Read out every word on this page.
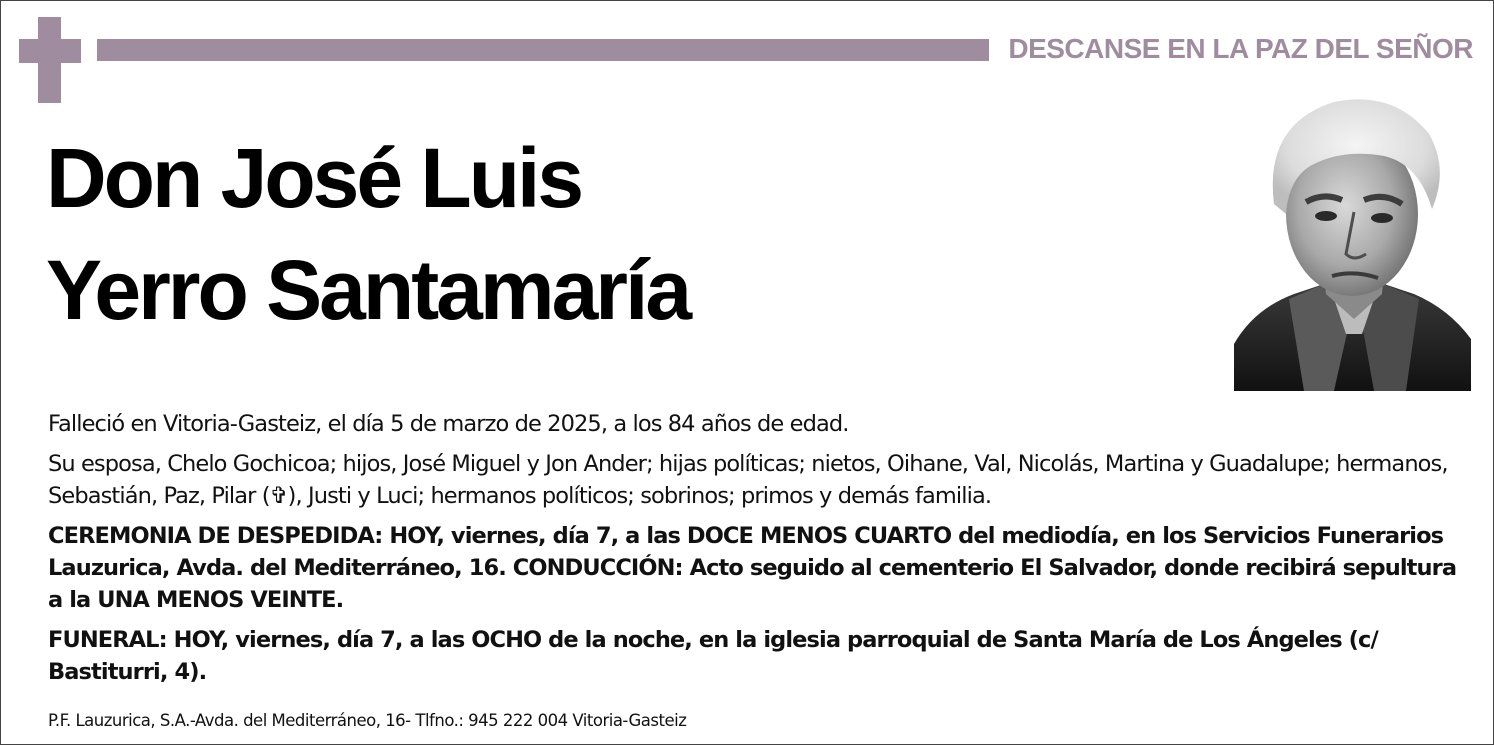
DESCANSE EN LA PAZ DEL SEÑOR
Don José Luis
Yerro Santamaría

Falleció en Vitoria-Gasteiz, el día 5 de marzo de 2025, a los 84 años de edad.

Su esposa, Chelo Gochicoa; hijos, José Miguel y Jon Ander; hijas políticas; nietos, Oihane, Val, Nicolás, Martina y Guadalupe; hermanos, Sebastián, Paz, Pilar (✞), Justi y Luci; hermanos políticos; sobrinos; primos y demás familia.

CEREMONIA DE DESPEDIDA: HOY, viernes, día 7, a las DOCE MENOS CUARTO del mediodía, en los Servicios Funerarios Lauzurica, Avda. del Mediterráneo, 16. CONDUCCIÓN: Acto seguido al cementerio El Salvador, donde recibirá sepultura a la UNA MENOS VEINTE.

FUNERAL: HOY, viernes, día 7, a las OCHO de la noche, en la iglesia parroquial de Santa María de Los Ángeles (c/ Bastiturri, 4).

P.F. Lauzurica, S.A.-Avda. del Mediterráneo, 16- Tlfno.: 945 222 004 Vitoria-Gasteiz
